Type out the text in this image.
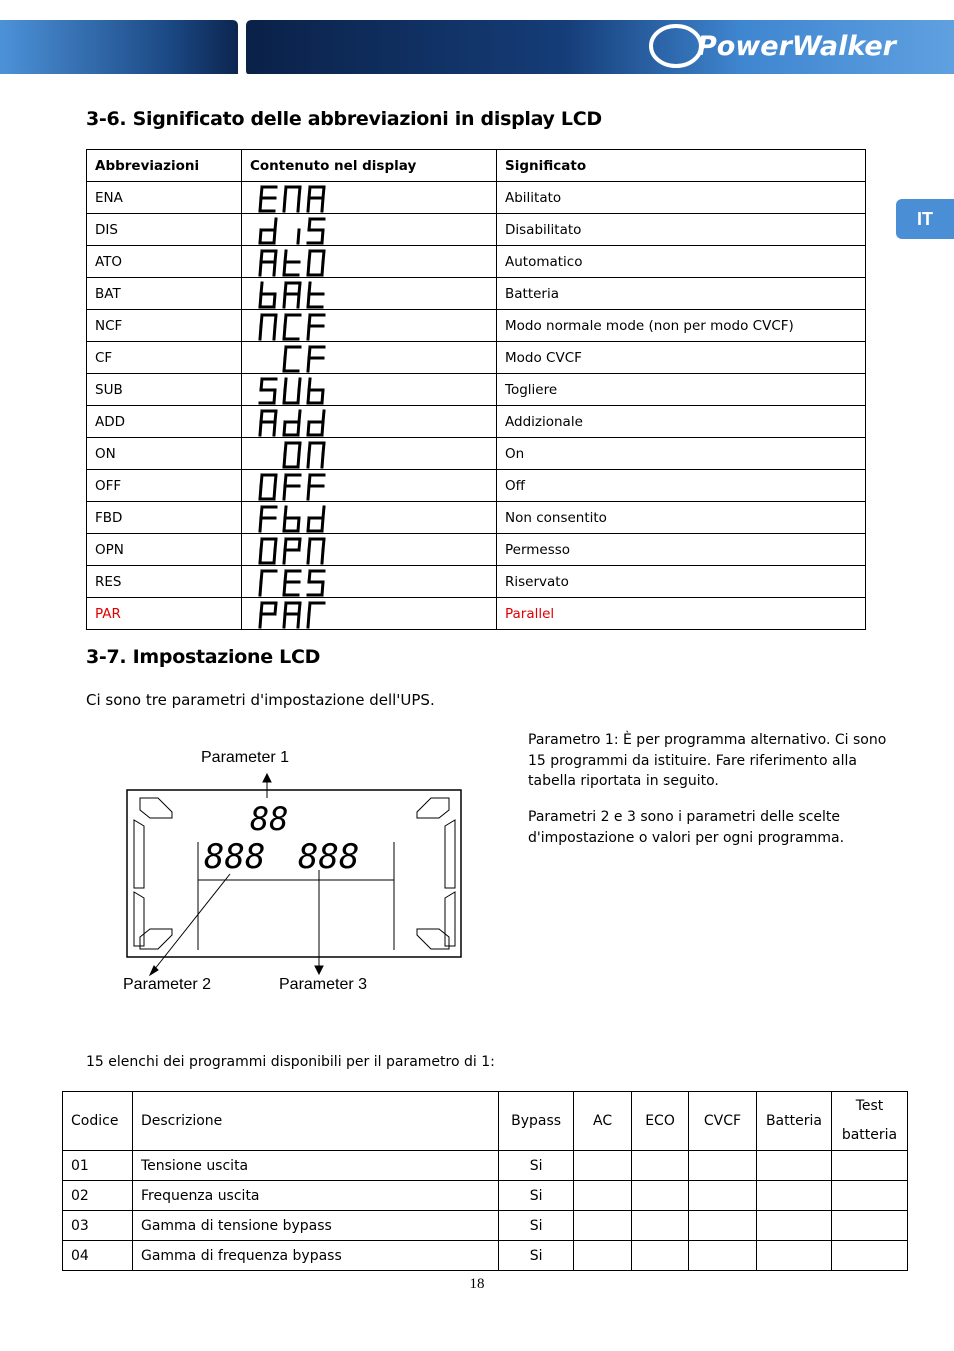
PowerWalker
IT
3-6. Significato delle abbreviazioni in display LCD
Abbreviazioni	Contenuto nel display	Significato
ENA		Abilitato
DIS		Disabilitato
ATO		Automatico
BAT		Batteria
NCF		Modo normale mode (non per modo CVCF)
CF		Modo CVCF
SUB		Togliere
ADD		Addizionale
ON		On
OFF		Off
FBD		Non consentito
OPN		Permesso
RES		Riservato
PAR		Parallel
3-7. Impostazione LCD
Ci sono tre parametri d'impostazione dell'UPS.
Parameter 1
Parameter 2	Parameter 3
88
888 888
Parametro 1: È per programma alternativo. Ci sono 15 programmi da istituire. Fare riferimento alla tabella riportata in seguito.
Parametri 2 e 3 sono i parametri delle scelte d'impostazione o valori per ogni programma.
15 elenchi dei programmi disponibili per il parametro di 1:
Codice	Descrizione	Bypass	AC	ECO	CVCF	Batteria	Test batteria
01	Tensione uscita	Si					
02	Frequenza uscita	Si					
03	Gamma di tensione bypass	Si					
04	Gamma di frequenza bypass	Si					
18
